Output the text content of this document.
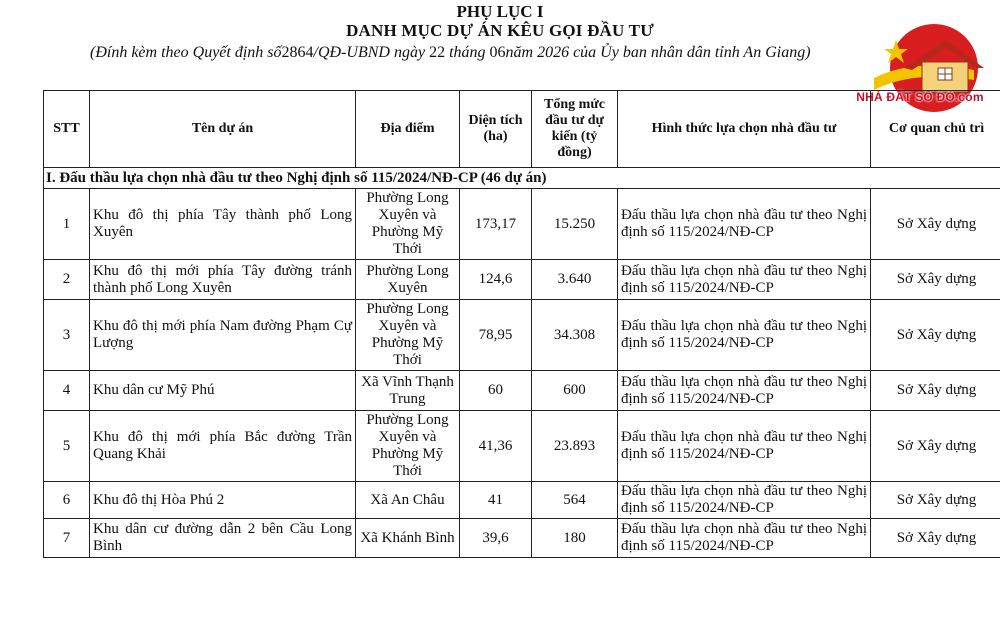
PHỤ LỤC I
DANH MỤC DỰ ÁN KÊU GỌI ĐẦU TƯ
(Đính kèm theo Quyết định số2864/QĐ-UBND ngày 22 tháng 06năm 2026 của Ủy ban nhân dân tỉnh An Giang)
NHÀ ĐẤT SỔ ĐỎ.com
STT	Tên dự án	Địa điểm	Diện tích (ha)	Tổng mức đầu tư dự kiến (tỷ đồng)	Hình thức lựa chọn nhà đầu tư	Cơ quan chủ trì
I. Đấu thầu lựa chọn nhà đầu tư theo Nghị định số 115/2024/NĐ-CP (46 dự án)						
1	Khu đô thị phía Tây thành phố Long Xuyên	Phường Long Xuyên và Phường Mỹ Thới	173,17	15.250	Đấu thầu lựa chọn nhà đầu tư theo Nghị định số 115/2024/NĐ-CP	Sở Xây dựng
2	Khu đô thị mới phía Tây đường tránh thành phố Long Xuyên	Phường Long Xuyên	124,6	3.640	Đấu thầu lựa chọn nhà đầu tư theo Nghị định số 115/2024/NĐ-CP	Sở Xây dựng
3	Khu đô thị mới phía Nam đường Phạm Cự Lượng	Phường Long Xuyên và Phường Mỹ Thới	78,95	34.308	Đấu thầu lựa chọn nhà đầu tư theo Nghị định số 115/2024/NĐ-CP	Sở Xây dựng
4	Khu dân cư Mỹ Phú	Xã Vĩnh Thạnh Trung	60	600	Đấu thầu lựa chọn nhà đầu tư theo Nghị định số 115/2024/NĐ-CP	Sở Xây dựng
5	Khu đô thị mới phía Bắc đường Trần Quang Khải	Phường Long Xuyên và Phường Mỹ Thới	41,36	23.893	Đấu thầu lựa chọn nhà đầu tư theo Nghị định số 115/2024/NĐ-CP	Sở Xây dựng
6	Khu đô thị Hòa Phú 2	Xã An Châu	41	564	Đấu thầu lựa chọn nhà đầu tư theo Nghị định số 115/2024/NĐ-CP	Sở Xây dựng
7	Khu dân cư đường dẫn 2 bên Cầu Long Bình	Xã Khánh Bình	39,6	180	Đấu thầu lựa chọn nhà đầu tư theo Nghị định số 115/2024/NĐ-CP	Sở Xây dựng
